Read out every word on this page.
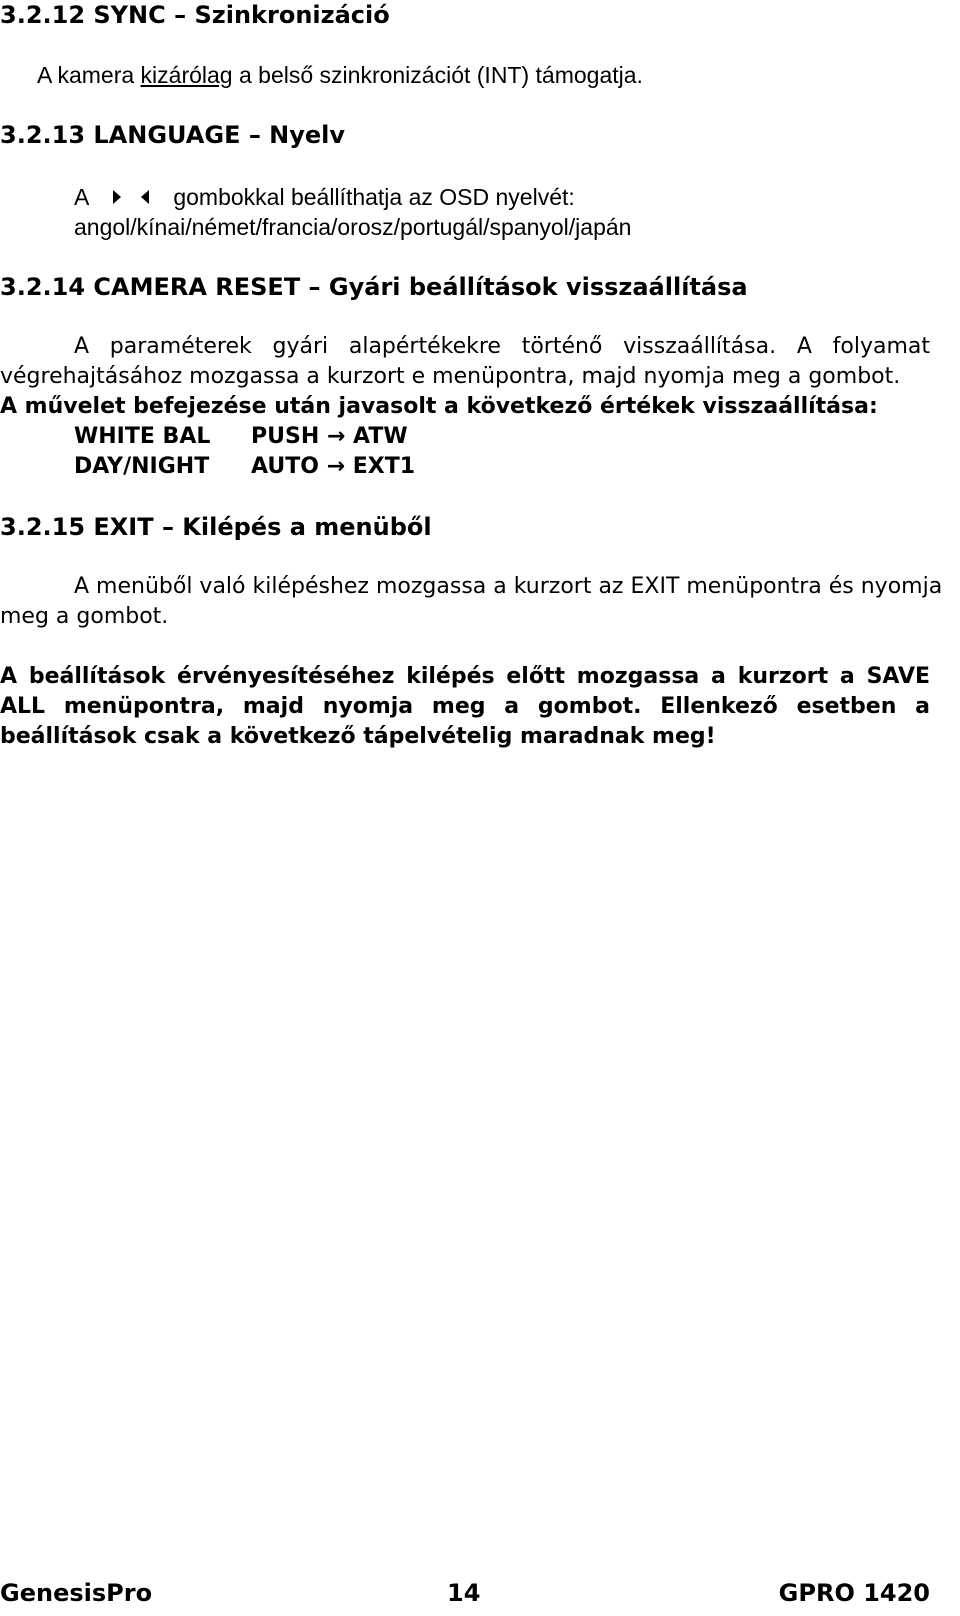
3.2.12 SYNC – Szinkronizáció
A kamera kizárólag a belső szinkronizációt (INT) támogatja.
3.2.13 LANGUAGE – Nyelv
A	gombokkal beállíthatja az OSD nyelvét:
angol/kínai/német/francia/orosz/portugál/spanyol/japán
3.2.14 CAMERA RESET – Gyári beállítások visszaállítása
A paraméterek gyári alapértékekre történő visszaállítása. A folyamat
végrehajtásához mozgassa a kurzort e menüpontra, majd nyomja meg a gombot.
A művelet befejezése után javasolt a következő értékek visszaállítása:
WHITE BAL PUSH → ATW
DAY/NIGHT AUTO → EXT1
3.2.15 EXIT – Kilépés a menüből
A menüből való kilépéshez mozgassa a kurzort az EXIT menüpontra és nyomja
meg a gombot.
A beállítások érvényesítéséhez kilépés előtt mozgassa a kurzort a SAVE
ALL menüpontra, majd nyomja meg a gombot. Ellenkező esetben a
beállítások csak a következő tápelvételig maradnak meg!
GenesisPro	14	GPRO 1420
